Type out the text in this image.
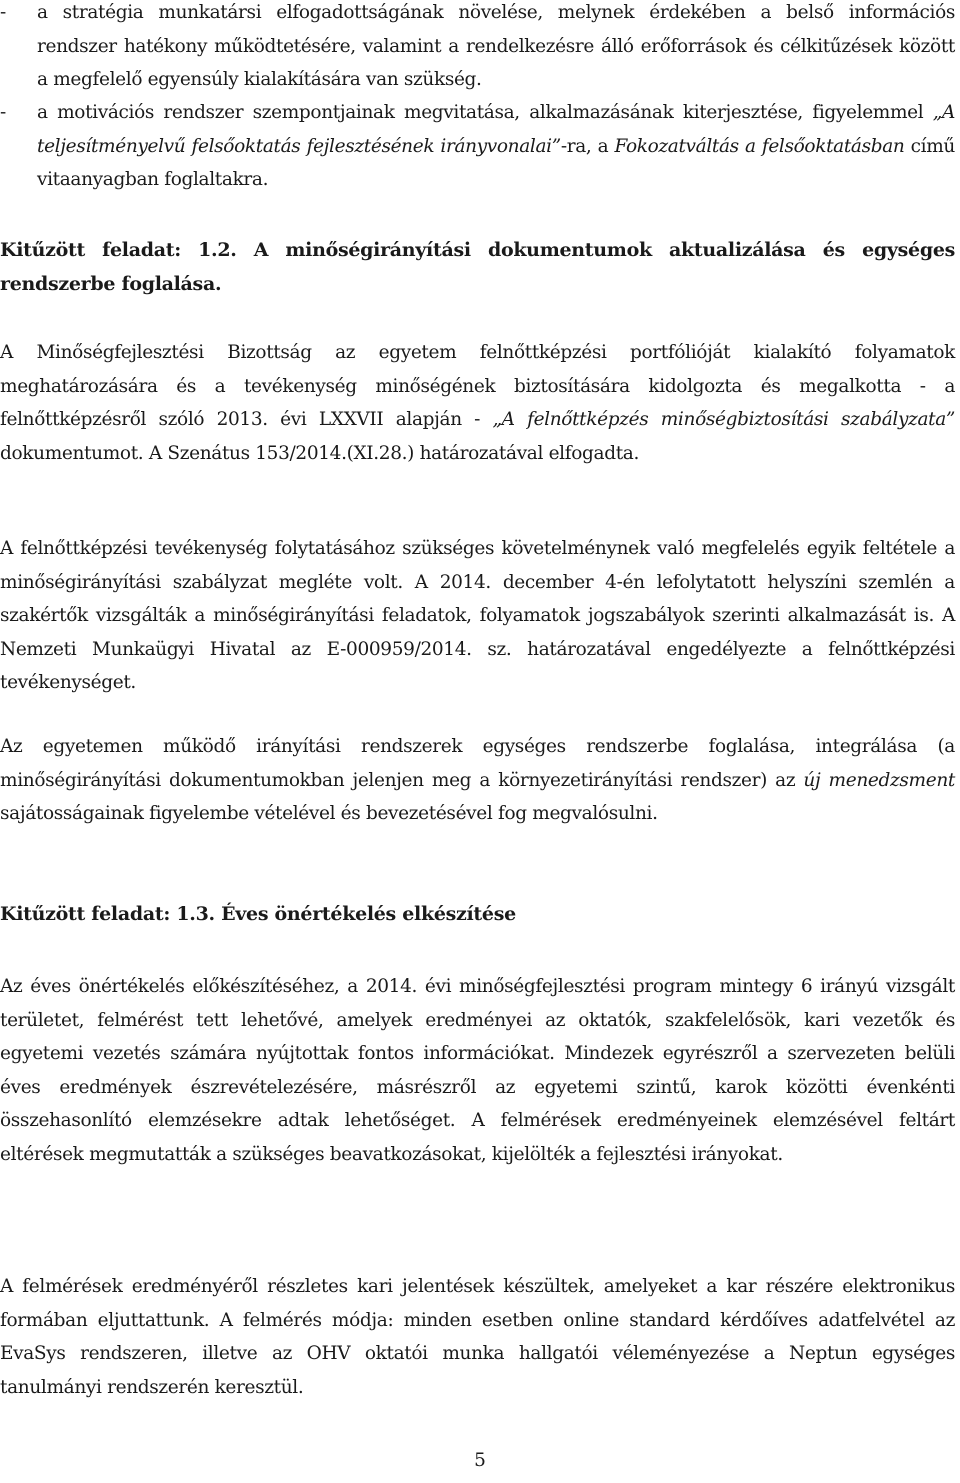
- a stratégia munkatársi elfogadottságának növelése, melynek érdekében a belső információs rendszer hatékony működtetésére, valamint a rendelkezésre álló erőforrások és célkitűzések között a megfelelő egyensúly kialakítására van szükség.
- a motivációs rendszer szempontjainak megvitatása, alkalmazásának kiterjesztése, figyelemmel „A teljesítményelvű felsőoktatás fejlesztésének irányvonalai”-ra, a Fokozatváltás a felsőoktatásban című vitaanyagban foglaltakra.
Kitűzött feladat: 1.2. A minőségirányítási dokumentumok aktualizálása és egységes rendszerbe foglalása.
A Minőségfejlesztési Bizottság az egyetem felnőttképzési portfólióját kialakító folyamatok meghatározására és a tevékenység minőségének biztosítására kidolgozta és megalkotta - a felnőttképzésről szóló 2013. évi LXXVII alapján - „A felnőttképzés minőségbiztosítási szabályzata” dokumentumot. A Szenátus 153/2014.(XI.28.) határozatával elfogadta.
A felnőttképzési tevékenység folytatásához szükséges követelménynek való megfelelés egyik feltétele a minőségirányítási szabályzat megléte volt. A 2014. december 4-én lefolytatott helyszíni szemlén a szakértők vizsgálták a minőségirányítási feladatok, folyamatok jogszabályok szerinti alkalmazását is. A Nemzeti Munkaügyi Hivatal az E-000959/2014. sz. határozatával engedélyezte a felnőttképzési tevékenységet.
Az egyetemen működő irányítási rendszerek egységes rendszerbe foglalása, integrálása (a minőségirányítási dokumentumokban jelenjen meg a környezetirányítási rendszer) az új menedzsment sajátosságainak figyelembe vételével és bevezetésével fog megvalósulni.
Kitűzött feladat: 1.3. Éves önértékelés elkészítése
Az éves önértékelés előkészítéséhez, a 2014. évi minőségfejlesztési program mintegy 6 irányú vizsgált területet, felmérést tett lehetővé, amelyek eredményei az oktatók, szakfelelősök, kari vezetők és egyetemi vezetés számára nyújtottak fontos információkat. Mindezek egyrészről a szervezeten belüli éves eredmények észrevételezésére, másrészről az egyetemi szintű, karok közötti évenkénti összehasonlító elemzésekre adtak lehetőséget. A felmérések eredményeinek elemzésével feltárt eltérések megmutatták a szükséges beavatkozásokat, kijelölték a fejlesztési irányokat.
A felmérések eredményéről részletes kari jelentések készültek, amelyeket a kar részére elektronikus formában eljuttattunk. A felmérés módja: minden esetben online standard kérdőíves adatfelvétel az EvaSys rendszeren, illetve az OHV oktatói munka hallgatói véleményezése a Neptun egységes tanulmányi rendszerén keresztül.
5
